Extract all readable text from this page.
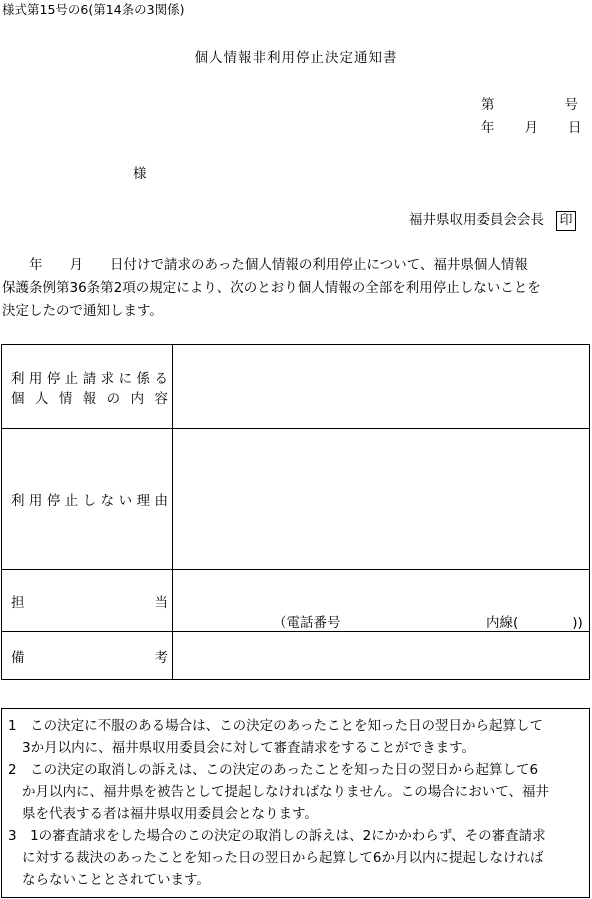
様式第15号の6(第14条の3関係)
個人情報非利用停止決定通知書
第	号
年 月 日
様
福井県収用委員会会長 印
　　年　　月　　日付けで請求のあった個人情報の利用停止について、福井県個人情報
保護条例第36条第2項の規定により、次のとおり個人情報の全部を利用停止しないことを
決定したので通知します。
利用停止請求に係る
個人情報の内容	

利用停止しない理由	

担当	（電話番号 内線(　　　　))

備考	

1　この決定に不服のある場合は、この決定のあったことを知った日の翌日から起算して
3か月以内に、福井県収用委員会に対して審査請求をすることができます。
2　この決定の取消しの訴えは、この決定のあったことを知った日の翌日から起算して6
か月以内に、福井県を被告として提起しなければなりません。この場合において、福井
県を代表する者は福井県収用委員会となります。
3　1の審査請求をした場合のこの決定の取消しの訴えは、2にかかわらず、その審査請求
に対する裁決のあったことを知った日の翌日から起算して6か月以内に提起しなければ
ならないこととされています。
